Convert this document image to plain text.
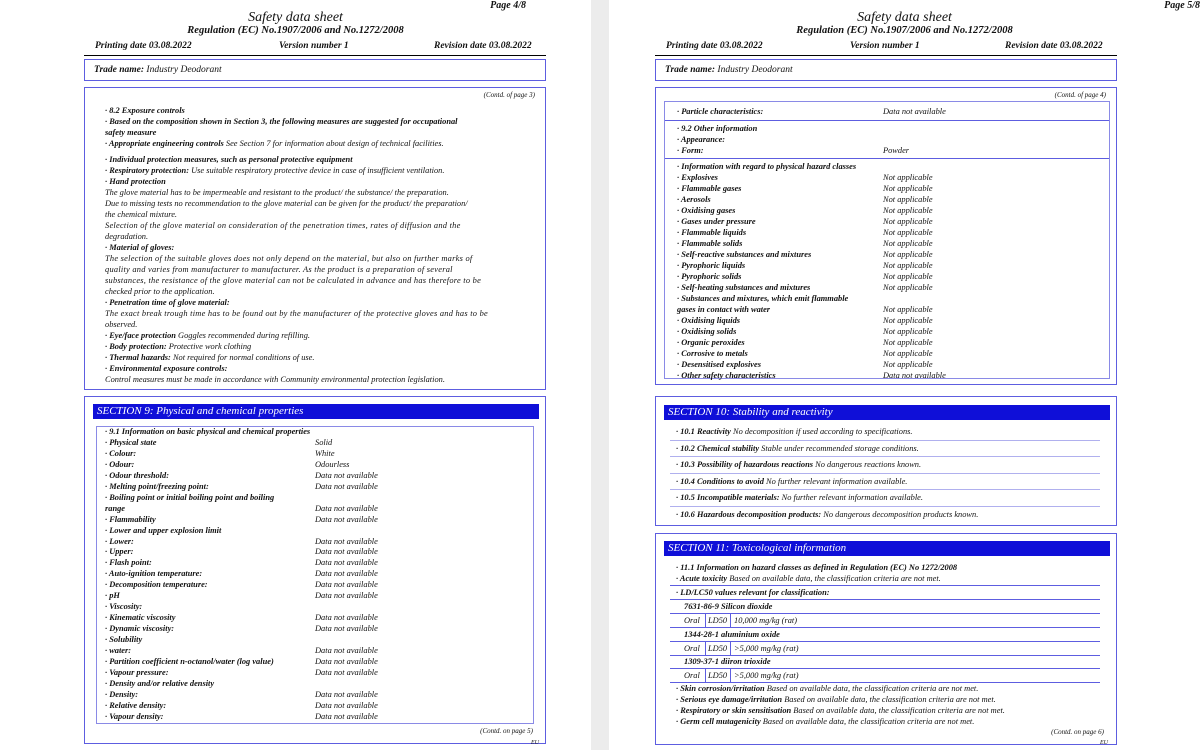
Page 4/8
Safety data sheet
Regulation (EC) No.1907/2006 and No.1272/2008
Printing date 03.08.2022	Version number 1	Revision date 03.08.2022
Trade name: Industry Deodorant
(Contd. of page 3)
· 8.2 Exposure controls
· Based on the composition shown in Section 3, the following measures are suggested for occupational
safety measure
· Appropriate engineering controls See Section 7 for information about design of technical facilities.
· Individual protection measures, such as personal protective equipment
· Respiratory protection: Use suitable respiratory protective device in case of insufficient ventilation.
· Hand protection
The glove material has to be impermeable and resistant to the product/ the substance/ the preparation.
Due to missing tests no recommendation to the glove material can be given for the product/ the preparation/
the chemical mixture.
Selection of the glove material on consideration of the penetration times, rates of diffusion and the
degradation.
· Material of gloves:
The selection of the suitable gloves does not only depend on the material, but also on further marks of
quality and varies from manufacturer to manufacturer. As the product is a preparation of several
substances, the resistance of the glove material can not be calculated in advance and has therefore to be
checked prior to the application.
· Penetration time of glove material:
The exact break trough time has to be found out by the manufacturer of the protective gloves and has to be
observed.
· Eye/face protection Goggles recommended during refilling.
· Body protection: Protective work clothing
· Thermal hazards: Not required for normal conditions of use.
· Environmental exposure controls:
Control measures must be made in accordance with Community environmental protection legislation.
SECTION 9: Physical and chemical properties
· 9.1 Information on basic physical and chemical properties
· Physical state	Solid
· Colour:	White
· Odour:	Odourless
· Odour threshold:	Data not available
· Melting point/freezing point:	Data not available
· Boiling point or initial boiling point and boiling
range	Data not available
· Flammability	Data not available
· Lower and upper explosion limit
· Lower:	Data not available
· Upper:	Data not available
· Flash point:	Data not available
· Auto-ignition temperature:	Data not available
· Decomposition temperature:	Data not available
· pH	Data not available
· Viscosity:
· Kinematic viscosity	Data not available
· Dynamic viscosity:	Data not available
· Solubility
· water:	Data not available
· Partition coefficient n-octanol/water (log value)	Data not available
· Vapour pressure:	Data not available
· Density and/or relative density
· Density:	Data not available
· Relative density:	Data not available
· Vapour density:	Data not available
(Contd. on page 5)
EU
Page 5/8
Safety data sheet
Regulation (EC) No.1907/2006 and No.1272/2008
Printing date 03.08.2022	Version number 1	Revision date 03.08.2022
Trade name: Industry Deodorant
(Contd. of page 4)
· Particle characteristics:	Data not available
· 9.2 Other information
· Appearance:
· Form:	Powder
· Information with regard to physical hazard classes
· Explosives	Not applicable
· Flammable gases	Not applicable
· Aerosols	Not applicable
· Oxidising gases	Not applicable
· Gases under pressure	Not applicable
· Flammable liquids	Not applicable
· Flammable solids	Not applicable
· Self-reactive substances and mixtures	Not applicable
· Pyrophoric liquids	Not applicable
· Pyrophoric solids	Not applicable
· Self-heating substances and mixtures	Not applicable
· Substances and mixtures, which emit flammable
gases in contact with water	Not applicable
· Oxidising liquids	Not applicable
· Oxidising solids	Not applicable
· Organic peroxides	Not applicable
· Corrosive to metals	Not applicable
· Desensitised explosives	Not applicable
· Other safety characteristics	Data not available
SECTION 10: Stability and reactivity
· 10.1 Reactivity No decomposition if used according to specifications.
· 10.2 Chemical stability Stable under recommended storage conditions.
· 10.3 Possibility of hazardous reactions No dangerous reactions known.
· 10.4 Conditions to avoid No further relevant information available.
· 10.5 Incompatible materials: No further relevant information available.
· 10.6 Hazardous decomposition products: No dangerous decomposition products known.
SECTION 11: Toxicological information
· 11.1 Information on hazard classes as defined in Regulation (EC) No 1272/2008
· Acute toxicity Based on available data, the classification criteria are not met.
· LD/LC50 values relevant for classification:
7631-86-9 Silicon dioxide
Oral LD50 10,000 mg/kg (rat)
1344-28-1 aluminium oxide
Oral LD50 >5,000 mg/kg (rat)
1309-37-1 diiron trioxide
Oral LD50 >5,000 mg/kg (rat)
· Skin corrosion/irritation Based on available data, the classification criteria are not met.
· Serious eye damage/irritation Based on available data, the classification criteria are not met.
· Respiratory or skin sensitisation Based on available data, the classification criteria are not met.
· Germ cell mutagenicity Based on available data, the classification criteria are not met.
(Contd. on page 6)
EU
